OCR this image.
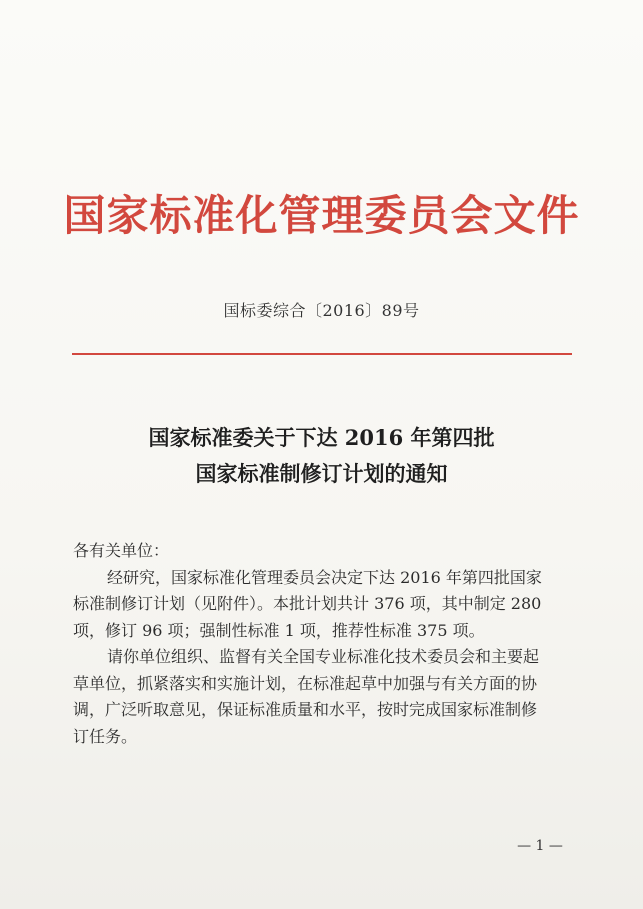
国家标准化管理委员会文件
国标委综合〔2016〕89号
国家标准委关于下达 2016 年第四批
国家标准制修订计划的通知
各有关单位：
经研究，国家标准化管理委员会决定下达 2016 年第四批国家
标准制修订计划（见附件）。本批计划共计 376 项，其中制定 280
项，修订 96 项；强制性标准 1 项，推荐性标准 375 项。
请你单位组织、监督有关全国专业标准化技术委员会和主要起
草单位，抓紧落实和实施计划，在标准起草中加强与有关方面的协
调，广泛听取意见，保证标准质量和水平，按时完成国家标准制修
订任务。
— 1 —
